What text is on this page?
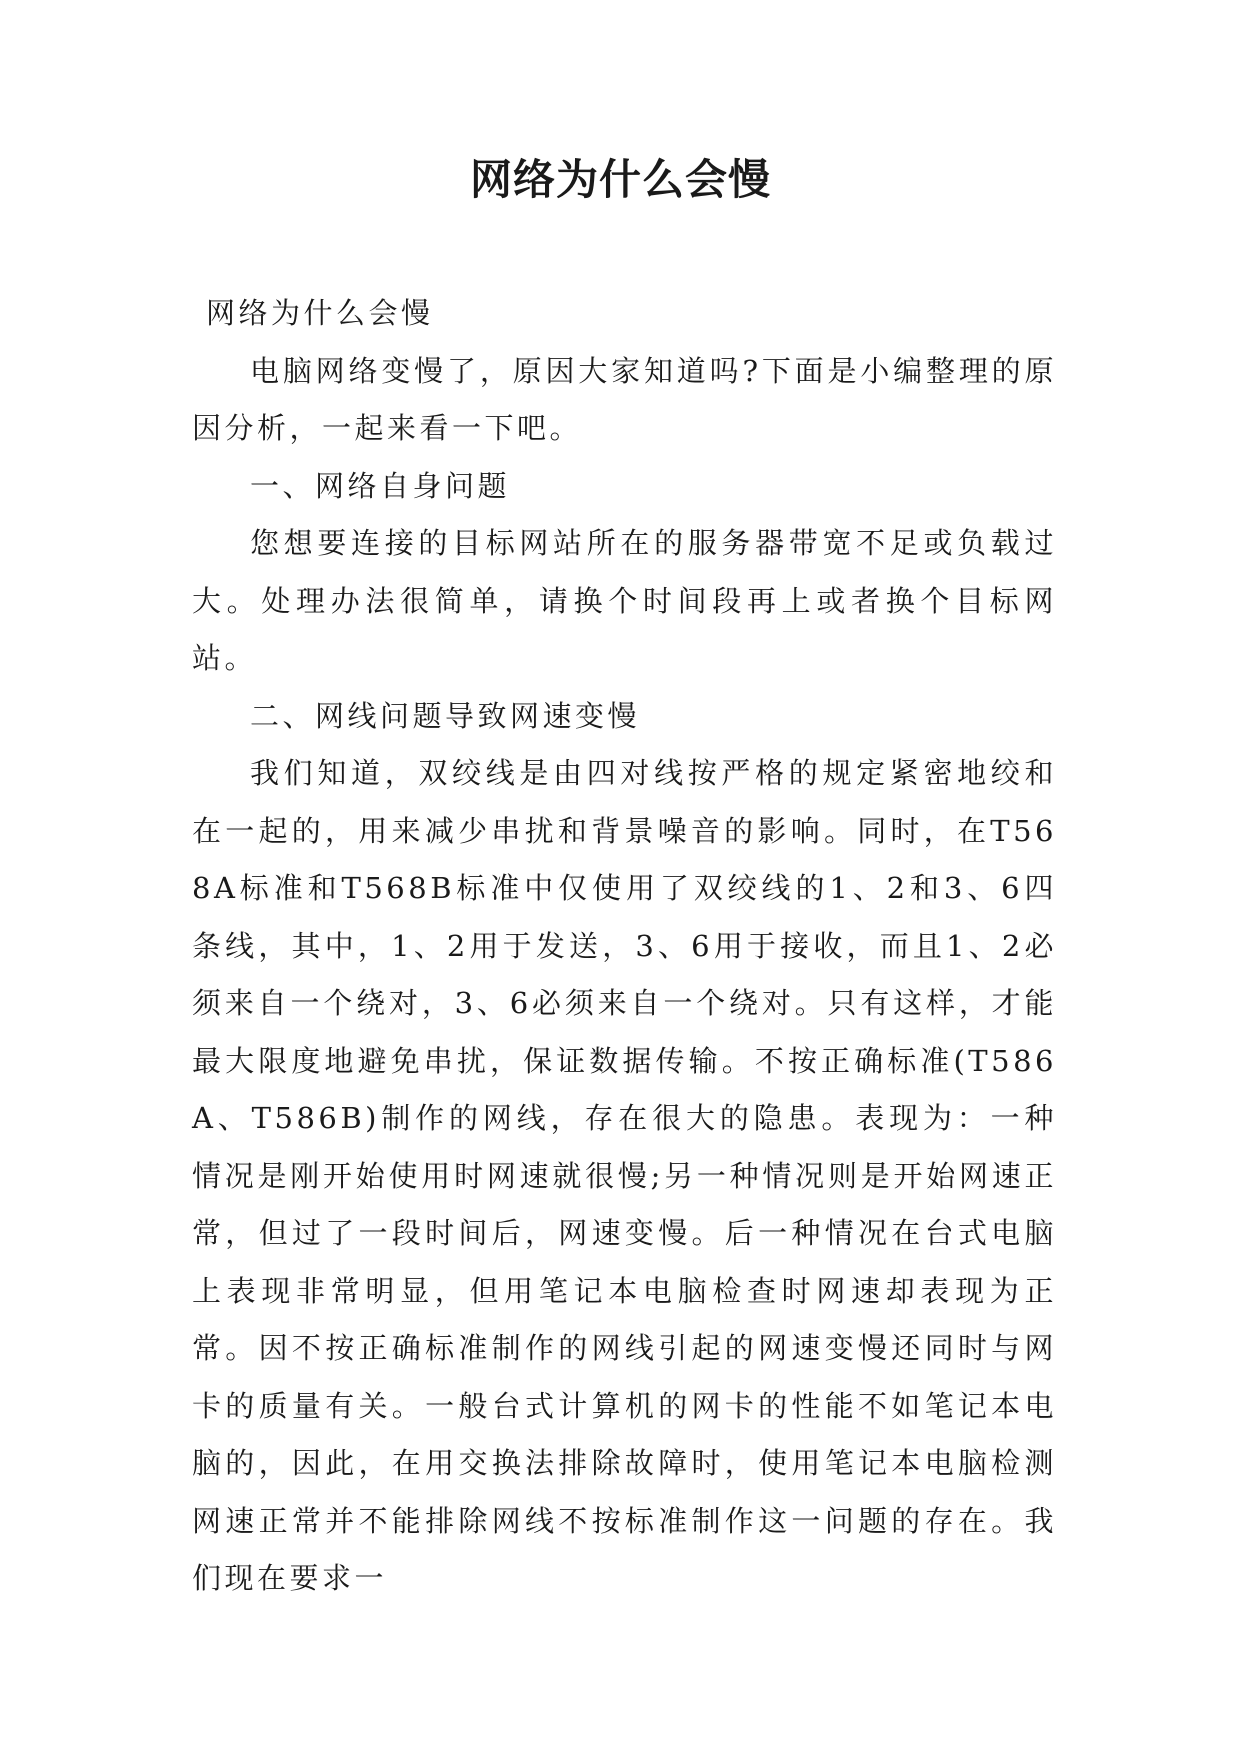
网络为什么会慢

网络为什么会慢

电脑网络变慢了，原因大家知道吗?下面是小编整理的原因分析，一起来看一下吧。

一、网络自身问题

您想要连接的目标网站所在的服务器带宽不足或负载过大。处理办法很简单，请换个时间段再上或者换个目标网站。

二、网线问题导致网速变慢

我们知道，双绞线是由四对线按严格的规定紧密地绞和在一起的，用来减少串扰和背景噪音的影响。同时，在T568A标准和T568B标准中仅使用了双绞线的1、2和3、6四条线，其中，1、2用于发送，3、6用于接收，而且1、2必须来自一个绕对，3、6必须来自一个绕对。只有这样，才能最大限度地避免串扰，保证数据传输。不按正确标准(T586A、T586B)制作的网线，存在很大的隐患。表现为：一种情况是刚开始使用时网速就很慢;另一种情况则是开始网速正常，但过了一段时间后，网速变慢。后一种情况在台式电脑上表现非常明显，但用笔记本电脑检查时网速却表现为正常。因不按正确标准制作的网线引起的网速变慢还同时与网卡的质量有关。一般台式计算机的网卡的性能不如笔记本电脑的，因此，在用交换法排除故障时，使用笔记本电脑检测网速正常并不能排除网线不按标准制作这一问题的存在。我们现在要求一
